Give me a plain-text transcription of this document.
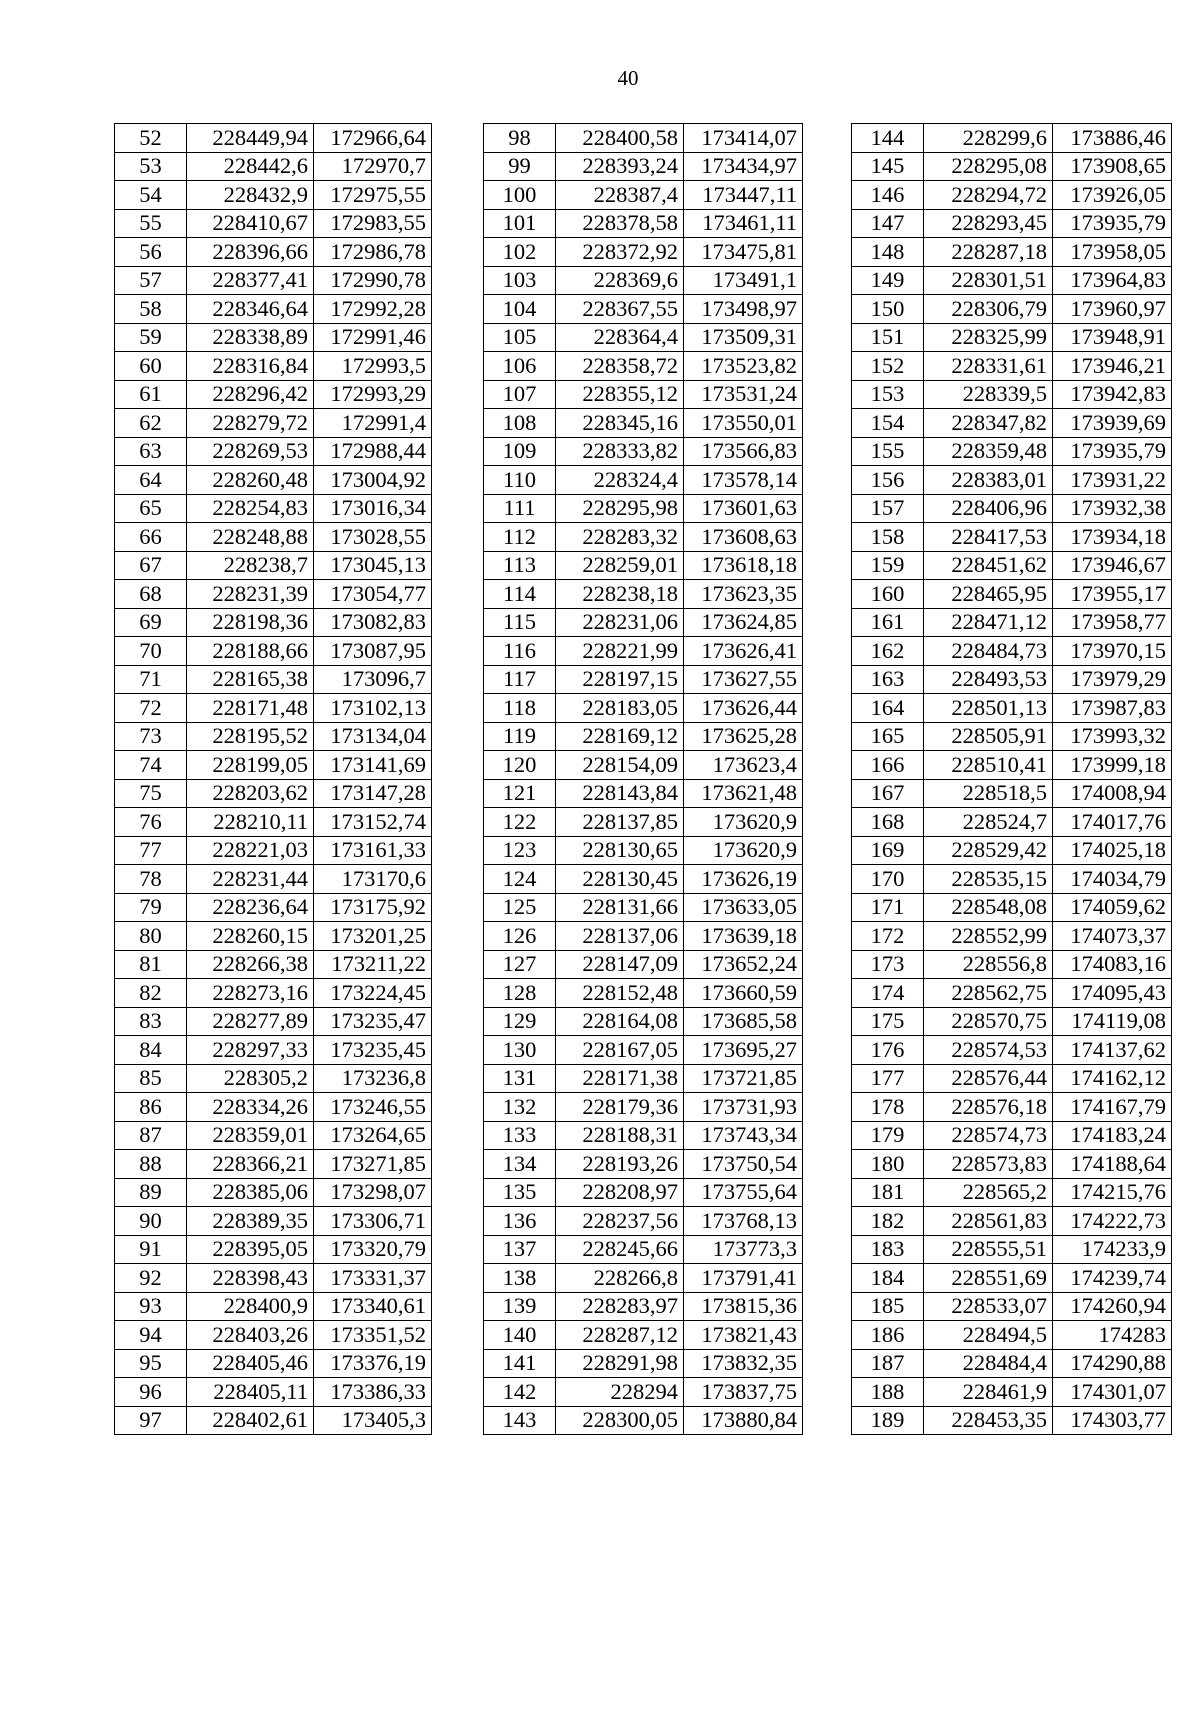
40
52	228449,94	172966,64
53	228442,6	172970,7
54	228432,9	172975,55
55	228410,67	172983,55
56	228396,66	172986,78
57	228377,41	172990,78
58	228346,64	172992,28
59	228338,89	172991,46
60	228316,84	172993,5
61	228296,42	172993,29
62	228279,72	172991,4
63	228269,53	172988,44
64	228260,48	173004,92
65	228254,83	173016,34
66	228248,88	173028,55
67	228238,7	173045,13
68	228231,39	173054,77
69	228198,36	173082,83
70	228188,66	173087,95
71	228165,38	173096,7
72	228171,48	173102,13
73	228195,52	173134,04
74	228199,05	173141,69
75	228203,62	173147,28
76	228210,11	173152,74
77	228221,03	173161,33
78	228231,44	173170,6
79	228236,64	173175,92
80	228260,15	173201,25
81	228266,38	173211,22
82	228273,16	173224,45
83	228277,89	173235,47
84	228297,33	173235,45
85	228305,2	173236,8
86	228334,26	173246,55
87	228359,01	173264,65
88	228366,21	173271,85
89	228385,06	173298,07
90	228389,35	173306,71
91	228395,05	173320,79
92	228398,43	173331,37
93	228400,9	173340,61
94	228403,26	173351,52
95	228405,46	173376,19
96	228405,11	173386,33
97	228402,61	173405,3
98	228400,58	173414,07
99	228393,24	173434,97
100	228387,4	173447,11
101	228378,58	173461,11
102	228372,92	173475,81
103	228369,6	173491,1
104	228367,55	173498,97
105	228364,4	173509,31
106	228358,72	173523,82
107	228355,12	173531,24
108	228345,16	173550,01
109	228333,82	173566,83
110	228324,4	173578,14
111	228295,98	173601,63
112	228283,32	173608,63
113	228259,01	173618,18
114	228238,18	173623,35
115	228231,06	173624,85
116	228221,99	173626,41
117	228197,15	173627,55
118	228183,05	173626,44
119	228169,12	173625,28
120	228154,09	173623,4
121	228143,84	173621,48
122	228137,85	173620,9
123	228130,65	173620,9
124	228130,45	173626,19
125	228131,66	173633,05
126	228137,06	173639,18
127	228147,09	173652,24
128	228152,48	173660,59
129	228164,08	173685,58
130	228167,05	173695,27
131	228171,38	173721,85
132	228179,36	173731,93
133	228188,31	173743,34
134	228193,26	173750,54
135	228208,97	173755,64
136	228237,56	173768,13
137	228245,66	173773,3
138	228266,8	173791,41
139	228283,97	173815,36
140	228287,12	173821,43
141	228291,98	173832,35
142	228294	173837,75
143	228300,05	173880,84
144	228299,6	173886,46
145	228295,08	173908,65
146	228294,72	173926,05
147	228293,45	173935,79
148	228287,18	173958,05
149	228301,51	173964,83
150	228306,79	173960,97
151	228325,99	173948,91
152	228331,61	173946,21
153	228339,5	173942,83
154	228347,82	173939,69
155	228359,48	173935,79
156	228383,01	173931,22
157	228406,96	173932,38
158	228417,53	173934,18
159	228451,62	173946,67
160	228465,95	173955,17
161	228471,12	173958,77
162	228484,73	173970,15
163	228493,53	173979,29
164	228501,13	173987,83
165	228505,91	173993,32
166	228510,41	173999,18
167	228518,5	174008,94
168	228524,7	174017,76
169	228529,42	174025,18
170	228535,15	174034,79
171	228548,08	174059,62
172	228552,99	174073,37
173	228556,8	174083,16
174	228562,75	174095,43
175	228570,75	174119,08
176	228574,53	174137,62
177	228576,44	174162,12
178	228576,18	174167,79
179	228574,73	174183,24
180	228573,83	174188,64
181	228565,2	174215,76
182	228561,83	174222,73
183	228555,51	174233,9
184	228551,69	174239,74
185	228533,07	174260,94
186	228494,5	174283
187	228484,4	174290,88
188	228461,9	174301,07
189	228453,35	174303,77
